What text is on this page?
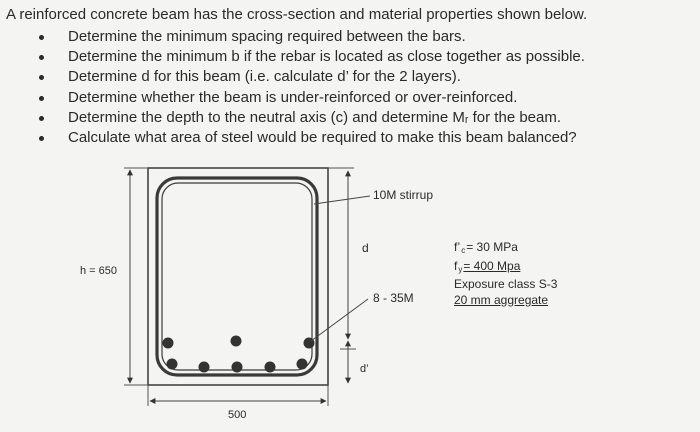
A reinforced concrete beam has the cross-section and material properties shown below.
Determine the minimum spacing required between the bars.
Determine the minimum b if the rebar is located as close together as possible.
Determine d for this beam (i.e. calculate d’ for the 2 layers).
Determine whether the beam is under-reinforced or over-reinforced.
Determine the depth to the neutral axis (c) and determine Mᵣ for the beam.
Calculate what area of steel would be required to make this beam balanced?
h = 650
500
d
d’
10M stirrup
8 - 35M
$f’_c= 30$ MPa
$f_y= 400$ Mpa
Exposure class S-3
20 mm aggregate
